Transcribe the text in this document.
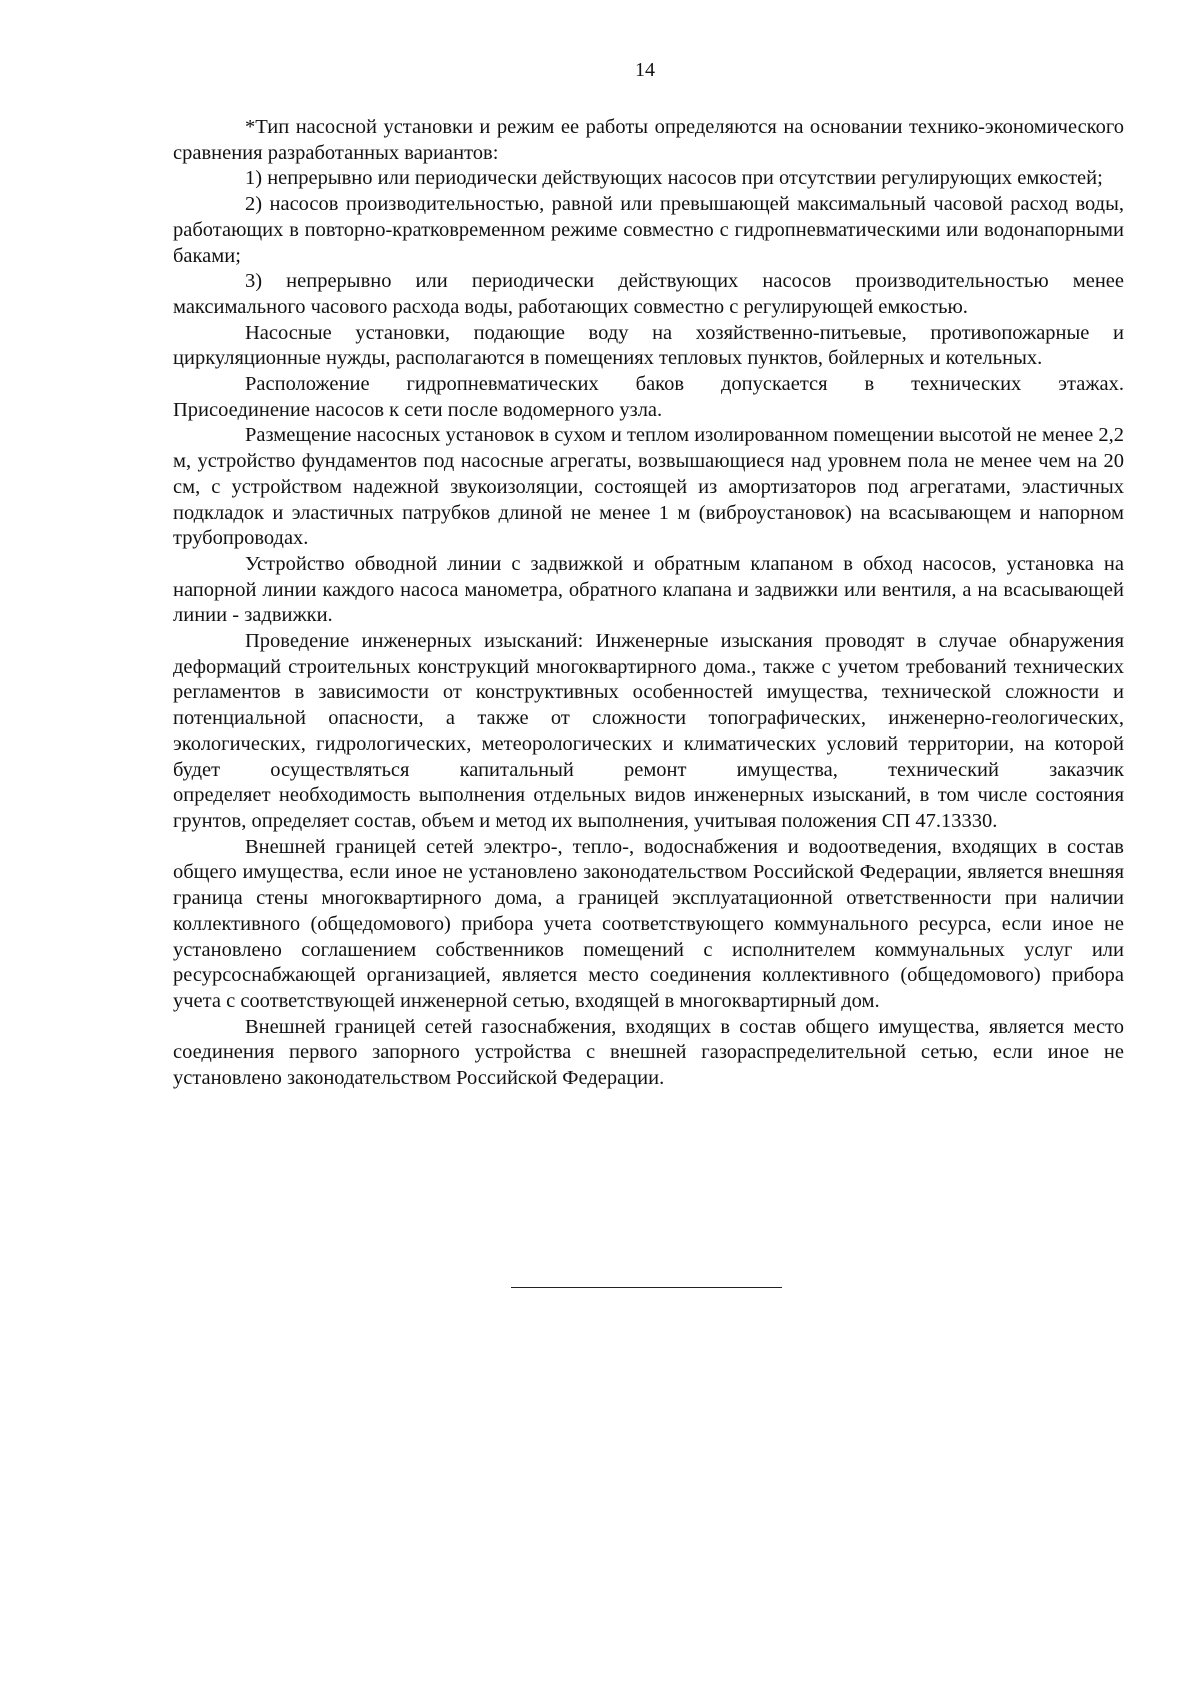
14

*Тип насосной установки и режим ее работы определяются на основании технико-экономического сравнения разработанных вариантов:

1) непрерывно или периодически действующих насосов при отсутствии регулирующих емкостей;

2) насосов производительностью, равной или превышающей максимальный часовой расход воды, работающих в повторно-кратковременном режиме совместно с гидропневматическими или водонапорными баками;

3) непрерывно или периодически действующих насосов производительностью менее максимального часового расхода воды, работающих совместно с регулирующей емкостью.

Насосные установки, подающие воду на хозяйственно-питьевые, противопожарные и циркуляционные нужды, располагаются в помещениях тепловых пунктов, бойлерных и котельных.

Расположение гидропневматических баков допускается в технических этажах.

Присоединение насосов к сети после водомерного узла.

Размещение насосных установок в сухом и теплом изолированном помещении высотой не менее 2,2 м, устройство фундаментов под насосные агрегаты, возвышающиеся над уровнем пола не менее чем на 20 см, с устройством надежной звукоизоляции, состоящей из амортизаторов под агрегатами, эластичных подкладок и эластичных патрубков длиной не менее 1 м (виброустановок) на всасывающем и напорном трубопроводах.

Устройство обводной линии с задвижкой и обратным клапаном в обход насосов, установка на напорной линии каждого насоса манометра, обратного клапана и задвижки или вентиля, а на всасывающей линии - задвижки.

Проведение инженерных изысканий: Инженерные изыскания проводят в случае обнаружения деформаций строительных конструкций многоквартирного дома., также с учетом требований технических регламентов в зависимости от конструктивных особенностей имущества, технической сложности и потенциальной опасности, а также от сложности топографических, инженерно-геологических, экологических, гидрологических, метеорологических и климатических условий территории, на которой будет осуществляться капитальный ремонт имущества, технический заказчик

определяет необходимость выполнения отдельных видов инженерных изысканий, в том числе состояния грунтов, определяет состав, объем и метод их выполнения, учитывая положения СП 47.13330.

Внешней границей сетей электро-, тепло-, водоснабжения и водоотведения, входящих в состав общего имущества, если иное не установлено законодательством Российской Федерации, является внешняя граница стены многоквартирного дома, а границей эксплуатационной ответственности при наличии коллективного (общедомового) прибора учета соответствующего коммунального ресурса, если иное не установлено соглашением собственников помещений с исполнителем коммунальных услуг или ресурсоснабжающей организацией, является место соединения коллективного (общедомового) прибора учета с соответствующей инженерной сетью, входящей в многоквартирный дом.

Внешней границей сетей газоснабжения, входящих в состав общего имущества, является место соединения первого запорного устройства с внешней газораспределительной сетью, если иное не установлено законодательством Российской Федерации.
